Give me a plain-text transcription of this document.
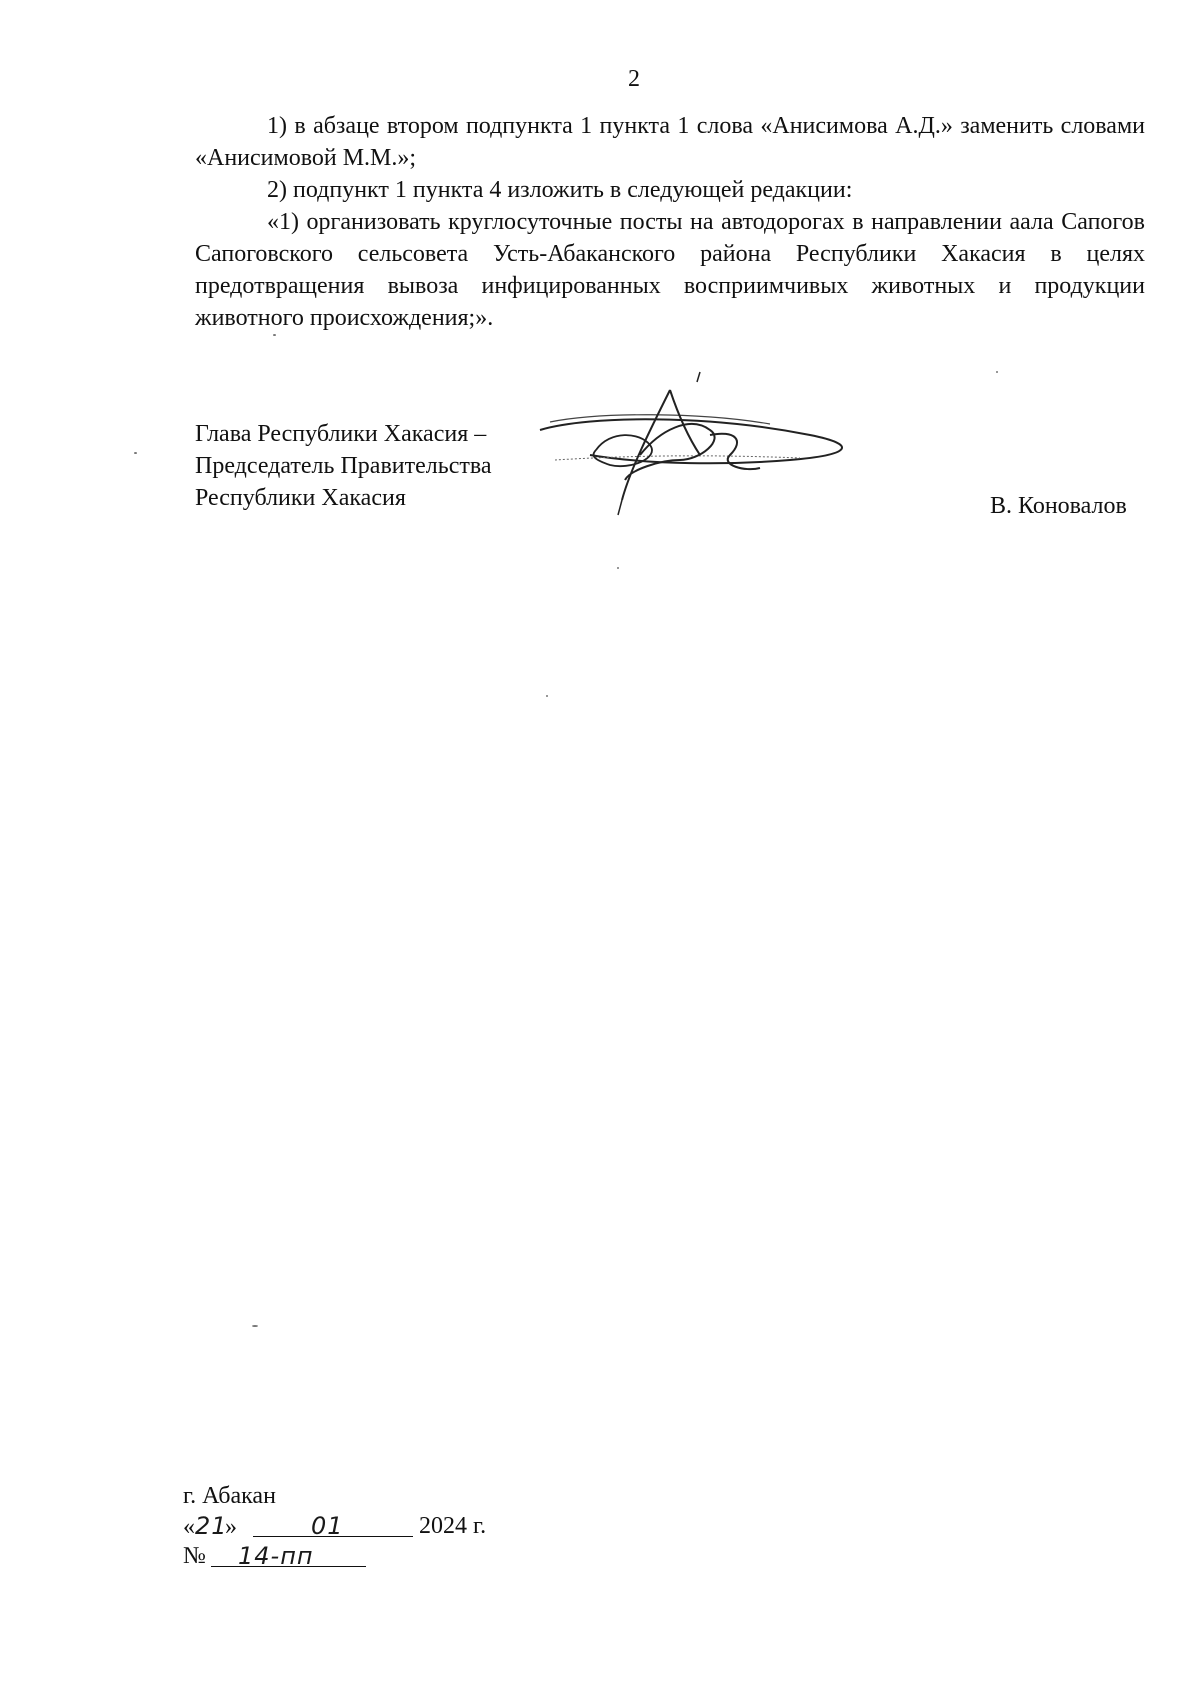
2

1) в абзаце втором подпункта 1 пункта 1 слова «Анисимова А.Д.» заменить словами «Анисимовой М.М.»;

2) подпункт 1 пункта 4 изложить в следующей редакции:

«1) организовать круглосуточные посты на автодорогах в направлении аала Сапогов Сапоговского сельсовета Усть-Абаканского района Республики Хакасия в целях предотвращения вывоза инфицированных восприимчивых животных и продукции животного происхождения;».

Глава Республики Хакасия –
Председатель Правительства
Республики Хакасия	В. Коновалов
г. Абакан
«21»	01	2024 г.
№ 14-пп
